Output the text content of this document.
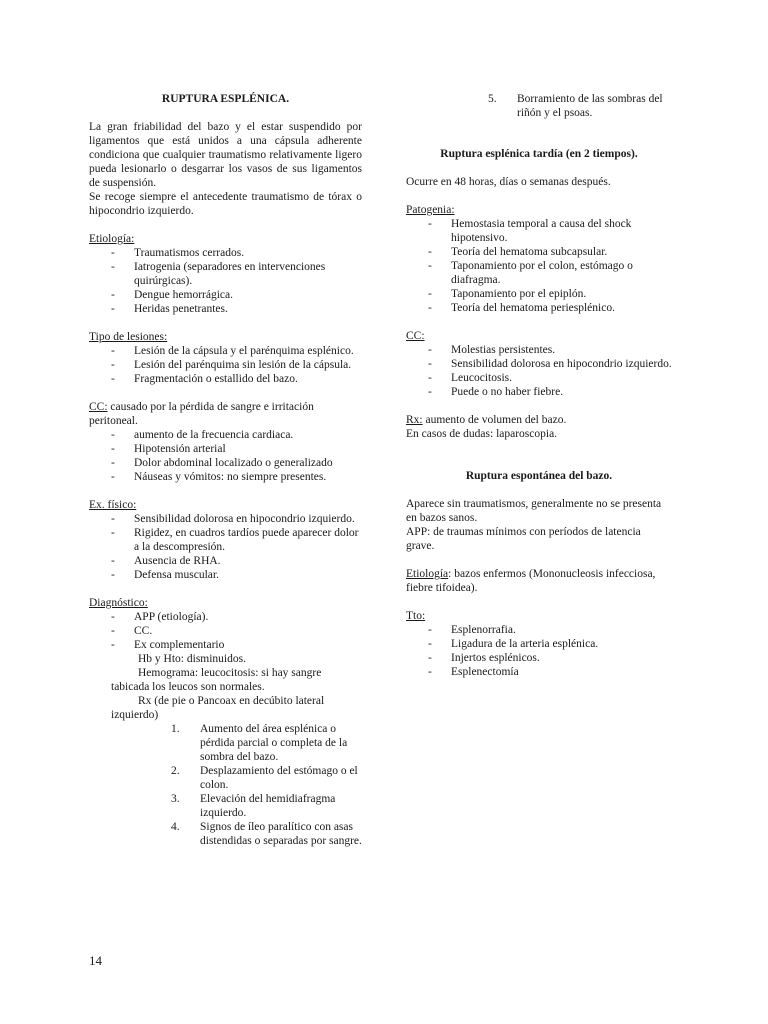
RUPTURA ESPLÉNICA.

La gran friabilidad del bazo y el estar suspendido por ligamentos que está unidos a una cápsula adherente condiciona que cualquier traumatismo relativamente ligero pueda lesionarlo o desgarrar los vasos de sus ligamentos de suspensión.

Se recoge siempre el antecedente traumatismo de tórax o hipocondrio izquierdo.

Etiología:

- Traumatismos cerrados.
- Iatrogenia (separadores en intervenciones quirúrgicas).
- Dengue hemorrágica.
- Heridas penetrantes.

Tipo de lesiones:

- Lesión de la cápsula y el parénquima esplénico.
- Lesión del parénquima sin lesión de la cápsula.
- Fragmentación o estallido del bazo.

CC: causado por la pérdida de sangre e irritación peritoneal.

- aumento de la frecuencia cardiaca.
- Hipotensión arterial
- Dolor abdominal localizado o generalizado
- Náuseas y vómitos: no siempre presentes.

Ex. físico:

- Sensibilidad dolorosa en hipocondrio izquierdo.
- Rigidez, en cuadros tardíos puede aparecer dolor a la descompresión.
- Ausencia de RHA.
- Defensa muscular.

Diagnóstico:

- APP (etiología).
- CC.
- Ex complementario

Hb y Hto: disminuidos.

Hemograma: leucocitosis: si hay sangre tabicada los leucos son normales.

Rx (de pie o Pancoax en decúbito lateral izquierdo)

1. Aumento del área esplénica o pérdida parcial o completa de la sombra del bazo.
2. Desplazamiento del estómago o el colon.
3. Elevación del hemidiafragma izquierdo.
4. Signos de íleo paralítico con asas distendidas o separadas por sangre.
5. Borramiento de las sombras del riñón y el psoas.

Ruptura esplénica tardía (en 2 tiempos).

Ocurre en 48 horas, días o semanas después.

Patogenia:

- Hemostasia temporal a causa del shock hipotensivo.
- Teoría del hematoma subcapsular.
- Taponamiento por el colon, estómago o diafragma.
- Taponamiento por el epiplón.
- Teoría del hematoma periesplénico.

CC:

- Molestias persistentes.
- Sensibilidad dolorosa en hipocondrio izquierdo.
- Leucocitosis.
- Puede o no haber fiebre.

Rx: aumento de volumen del bazo.

En casos de dudas: laparoscopia.

Ruptura espontánea del bazo.

Aparece sin traumatismos, generalmente no se presenta en bazos sanos.

APP: de traumas mínimos con períodos de latencia grave.

Etiología: bazos enfermos (Mononucleosis infecciosa, fiebre tifoidea).

Tto:

- Esplenorrafia.
- Ligadura de la arteria esplénica.
- Injertos esplénicos.
- Esplenectomía
14
